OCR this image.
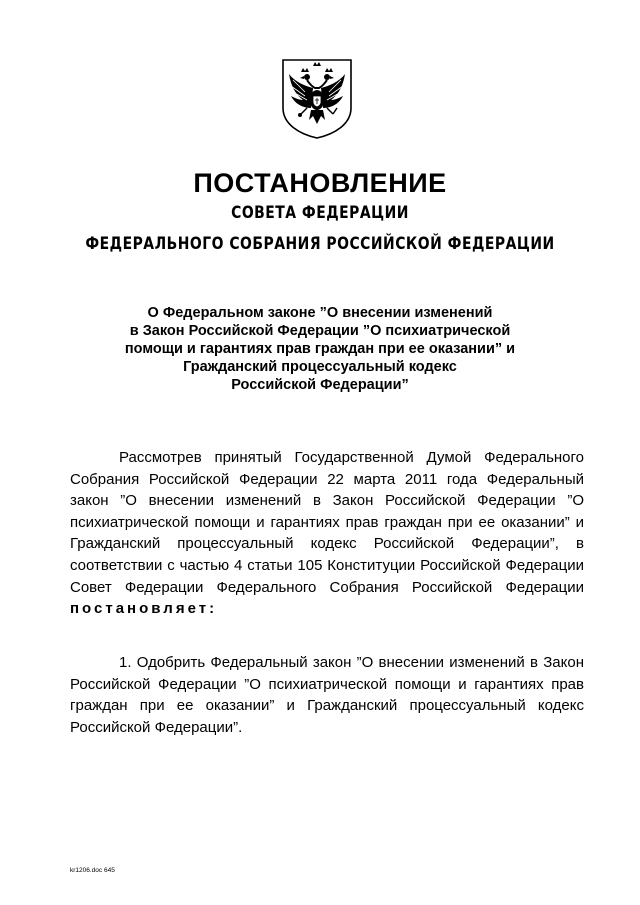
ПОСТАНОВЛЕНИЕ
СОВЕТА ФЕДЕРАЦИИ
ФЕДЕРАЛЬНОГО СОБРАНИЯ РОССИЙСКОЙ ФЕДЕРАЦИИ
О Федеральном законе ”О внесении изменений
в Закон Российской Федерации ”О психиатрической
помощи и гарантиях прав граждан при ее оказании” и
Гражданский процессуальный кодекс
Российской Федерации”

Рассмотрев принятый Государственной Думой Федерального Собрания Российской Федерации 22 марта 2011 года Федеральный закон ”О внесении изменений в Закон Российской Федерации ”О психиатрической помощи и гарантиях прав граждан при ее оказании” и Гражданский процессуальный кодекс Российской Федерации”, в соответствии с частью 4 статьи 105 Конституции Российской Федерации Совет Федерации Федерального Собрания Российской Федерации постановляет:

1. Одобрить Федеральный закон ”О внесении изменений в Закон Российской Федерации ”О психиатрической помощи и гарантиях прав граждан при ее оказании” и Гражданский процессуальный кодекс Российской Федерации”.

kr1206.doc 645
